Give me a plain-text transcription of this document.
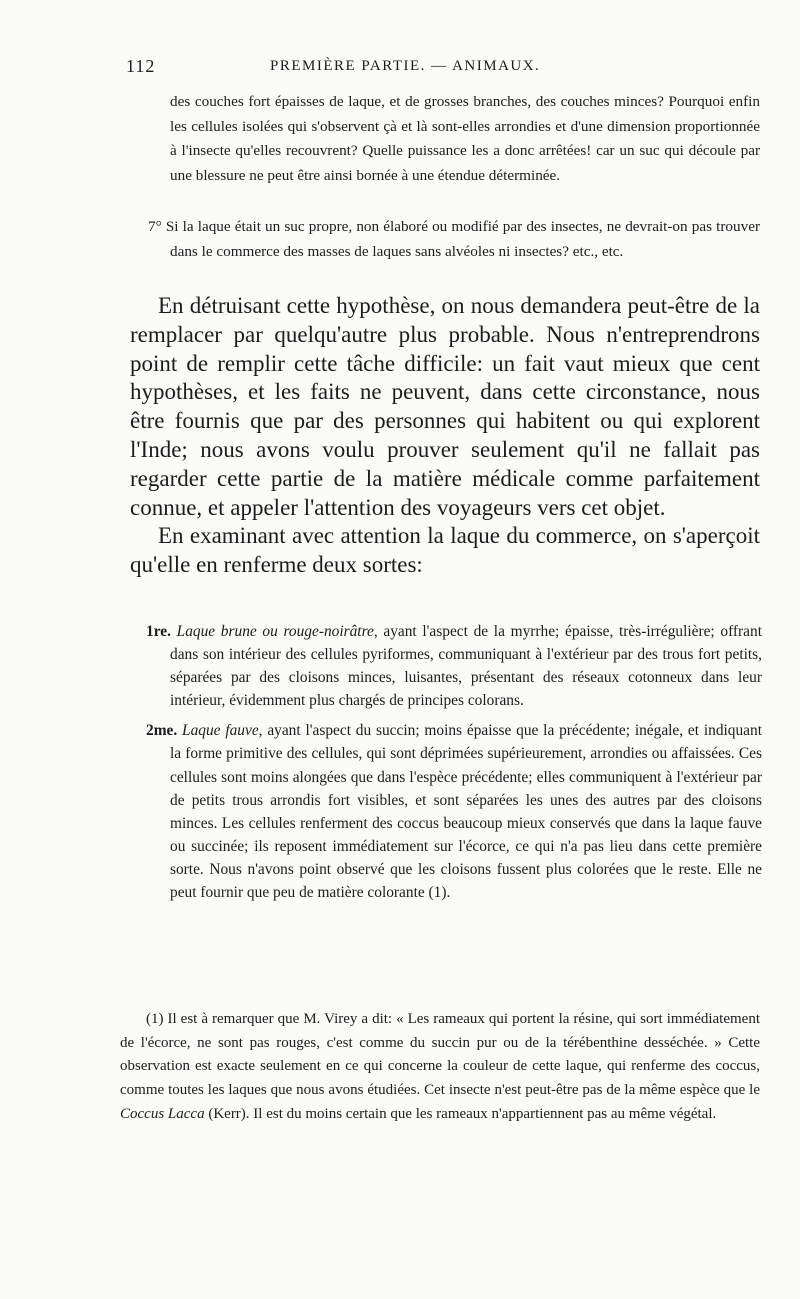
112	PREMIÈRE PARTIE. — ANIMAUX.
des couches fort épaisses de laque, et de grosses branches, des couches minces? Pourquoi enfin les cellules isolées qui s'observent çà et là sont-elles arrondies et d'une dimension proportionnée à l'insecte qu'elles recouvrent? Quelle puissance les a donc arrêtées! car un suc qui découle par une blessure ne peut être ainsi bornée à une étendue déterminée.
7° Si la laque était un suc propre, non élaboré ou modifié par des insectes, ne devrait-on pas trouver dans le commerce des masses de laques sans alvéoles ni insectes? etc., etc.

En détruisant cette hypothèse, on nous demandera peut-être de la remplacer par quelqu'autre plus probable. Nous n'entreprendrons point de remplir cette tâche difficile: un fait vaut mieux que cent hypothèses, et les faits ne peuvent, dans cette circonstance, nous être fournis que par des personnes qui habitent ou qui explorent l'Inde; nous avons voulu prouver seulement qu'il ne fallait pas regarder cette partie de la matière médicale comme parfaitement connue, et appeler l'attention des voyageurs vers cet objet.

En examinant avec attention la laque du commerce, on s'aperçoit qu'elle en renferme deux sortes:

1re. Laque brune ou rouge-noirâtre, ayant l'aspect de la myrrhe; épaisse, très-irrégulière; offrant dans son intérieur des cellules pyriformes, communiquant à l'extérieur par des trous fort petits, séparées par des cloisons minces, luisantes, présentant des réseaux cotonneux dans leur intérieur, évidemment plus chargés de principes colorans.

2me. Laque fauve, ayant l'aspect du succin; moins épaisse que la précédente; inégale, et indiquant la forme primitive des cellules, qui sont déprimées supérieurement, arrondies ou affaissées. Ces cellules sont moins alongées que dans l'espèce précédente; elles communiquent à l'extérieur par de petits trous arrondis fort visibles, et sont séparées les unes des autres par des cloisons minces. Les cellules renferment des coccus beaucoup mieux conservés que dans la laque fauve ou succinée; ils reposent immédiatement sur l'écorce, ce qui n'a pas lieu dans cette première sorte. Nous n'avons point observé que les cloisons fussent plus colorées que le reste. Elle ne peut fournir que peu de matière colorante (1).

(1) Il est à remarquer que M. Virey a dit: « Les rameaux qui portent la résine, qui sort immédiatement de l'écorce, ne sont pas rouges, c'est comme du succin pur ou de la térébenthine desséchée. » Cette observation est exacte seulement en ce qui concerne la couleur de cette laque, qui renferme des coccus, comme toutes les laques que nous avons étudiées. Cet insecte n'est peut-être pas de la même espèce que le Coccus Lacca (Kerr). Il est du moins certain que les rameaux n'appartiennent pas au même végétal.
